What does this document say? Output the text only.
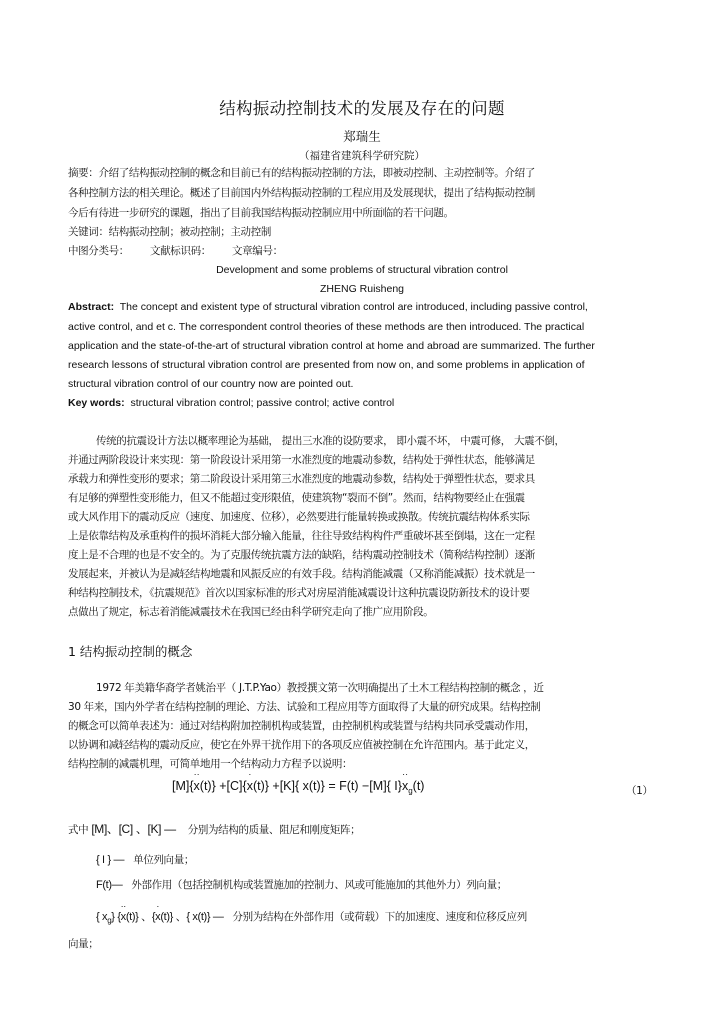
结构振动控制技术的发展及存在的问题
郑瑞生
（福建省建筑科学研究院）
摘要：介绍了结构振动控制的概念和目前已有的结构振动控制的方法，即被动控制、主动控制等。介绍了
各种控制方法的相关理论。概述了目前国内外结构振动控制的工程应用及发展现状，提出了结构振动控制
今后有待进一步研究的课题，指出了目前我国结构振动控制应用中所面临的若干问题。
关键词：结构振动控制；被动控制；主动控制
中图分类号： 文献标识码： 文章编号：
Development and some problems of structural vibration control
ZHENG Ruisheng
Abstract: The concept and existent type of structural vibration control are introduced, including passive control,
active control, and et c. The correspondent control theories of these methods are then introduced. The practical
application and the state-of-the-art of structural vibration control at home and abroad are summarized. The further
research lessons of structural vibration control are presented from now on, and some problems in application of
structural vibration control of our country now are pointed out.
Key words: structural vibration control; passive control; active control
传统的抗震设计方法以概率理论为基础， 提出三水准的设防要求， 即小震不坏， 中震可修， 大震不倒，
并通过两阶段设计来实现：第一阶段设计采用第一水准烈度的地震动参数，结构处于弹性状态，能够满足
承载力和弹性变形的要求；第二阶段设计采用第三水准烈度的地震动参数，结构处于弹塑性状态，要求具
有足够的弹塑性变形能力，但又不能超过变形限值，使建筑物“裂而不倒”。然而，结构物要经止在强震
或大风作用下的震动反应（速度、加速度、位移），必然要进行能量转换或换散。传统抗震结构体系实际
上是依靠结构及承重构件的损坏消耗大部分输入能量，往往导致结构构件严重破坏甚至倒塌，这在一定程
度上是不合理的也是不安全的。为了克服传统抗震方法的缺陷，结构震动控制技术（简称结构控制）逐渐
发展起来，并被认为是减轻结构地震和风振反应的有效手段。结构消能减震（又称消能减振）技术就是一
种结构控制技术，《抗震规范》首次以国家标准的形式对房屋消能减震设计这种抗震设防新技术的设计要
点做出了规定，标志着消能减震技术在我国已经由科学研究走向了推广应用阶段。
1 结构振动控制的概念
1972 年美籍华裔学者姚治平（ J.T.P.Yao）教授撰文第一次明确提出了土木工程结构控制的概念 ，近
30 年来，国内外学者在结构控制的理论、方法、试验和工程应用等方面取得了大量的研究成果。结构控制
的概念可以简单表述为：通过对结构附加控制机构或装置，由控制机构或装置与结构共同承受震动作用，
以协调和减轻结构的震动反应，使它在外界干扰作用下的各项反应值被控制在允许范围内。基于此定义，
结构控制的减震机理，可简单地用一个结构动力方程予以说明：
[M]{
··
x(t)} +[C]{
·
x(t)} +[K]{ x(t)} = F(t) −[M]{ I}
··
$x_g(t)$	（1）
式中 [M]、[C] 、[K] — 分别为结构的质量、阻尼和刚度矩阵；
{ I } — 单位列向量；
F(t)— 外部作用（包括控制机构或装置施加的控制力、风或可能施加的其他外力）列向量；
{ $x_g$} {
··
x(t)} 、{
·
x(t)} 、{ x(t)} — 分别为结构在外部作用（或荷载）下的加速度、速度和位移反应列
向量；
